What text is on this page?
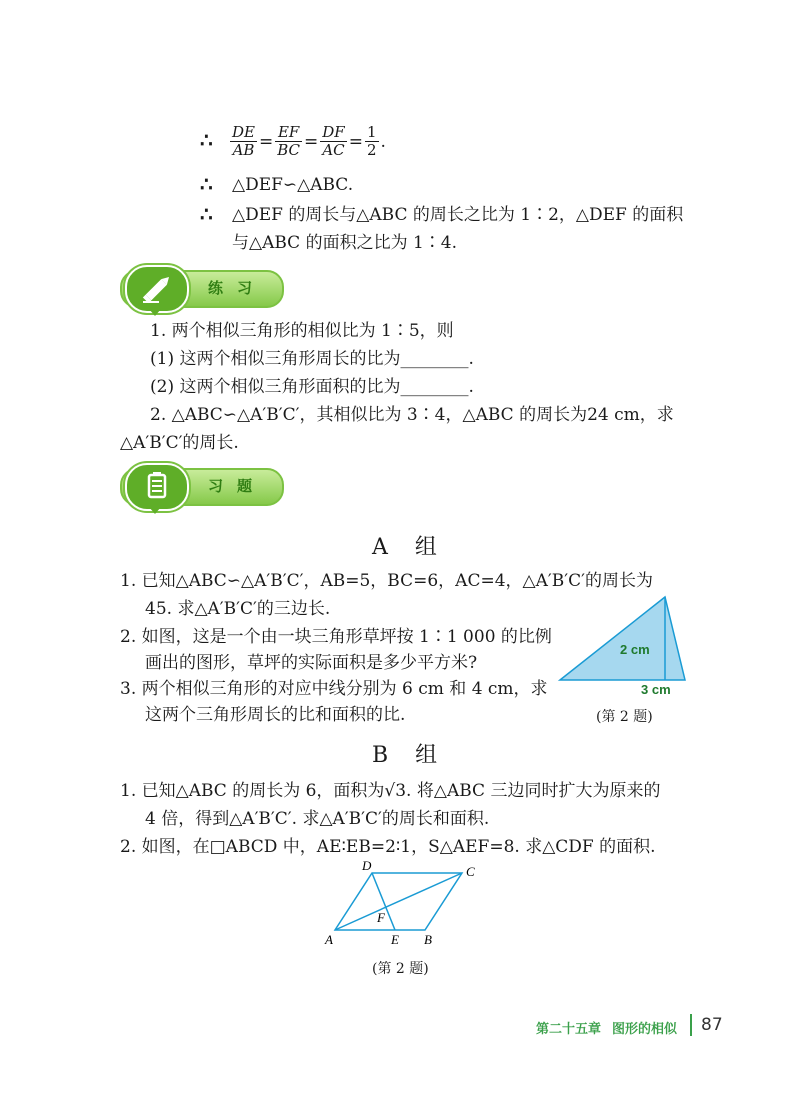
∴ $\frac{DE}{AB} = \frac{EF}{BC} = \frac{DF}{AC} = \frac{1}{2}$ .
∴ △DEF∽△ABC.
∴ △DEF 的周长与△ABC 的周长之比为 1∶2，△DEF 的面积
与△ABC 的面积之比为 1∶4.
练习
1. 两个相似三角形的相似比为 1∶5，则
(1) 这两个相似三角形周长的比为________.
(2) 这两个相似三角形面积的比为________.
2. △ABC∽△A′B′C′，其相似比为 3∶4，△ABC 的周长为24 cm，求
△A′B′C′的周长.
习题
A 组
1. 已知△ABC∽△A′B′C′，AB=5，BC=6，AC=4，△A′B′C′的周长为
45. 求△A′B′C′的三边长.
2. 如图，这是一个由一块三角形草坪按 1∶1 000 的比例
画出的图形，草坪的实际面积是多少平方米?
3. 两个相似三角形的对应中线分别为 6 cm 和 4 cm，求
这两个三角形周长的比和面积的比.
2 cm
3 cm
(第 2 题)
B 组
1. 已知△ABC 的周长为 6，面积为√3. 将△ABC 三边同时扩大为原来的
4 倍，得到△A′B′C′. 求△A′B′C′的周长和面积.
2. 如图，在□ABCD 中，AE∶EB=2∶1，S△AEF=8. 求△CDF 的面积.
A	E B
C
D
F
(第 2 题)
第二十五章 图形的相似 87
